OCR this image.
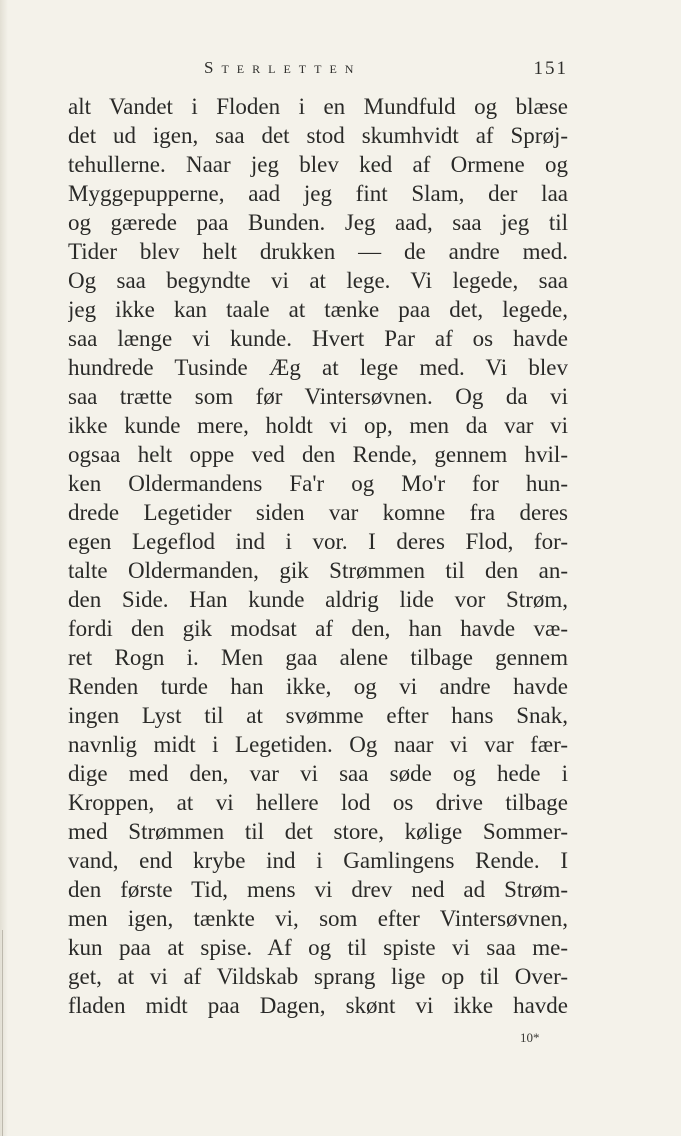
Sterletten	151
alt Vandet i Floden i en Mundfuld og blæse
det ud igen, saa det stod skumhvidt af Sprøj-
tehullerne. Naar jeg blev ked af Ormene og
Myggepupperne, aad jeg fint Slam, der laa
og gærede paa Bunden. Jeg aad, saa jeg til
Tider blev helt drukken — de andre med.
Og saa begyndte vi at lege. Vi legede, saa
jeg ikke kan taale at tænke paa det, legede,
saa længe vi kunde. Hvert Par af os havde
hundrede Tusinde Æg at lege med. Vi blev
saa trætte som før Vintersøvnen. Og da vi
ikke kunde mere, holdt vi op, men da var vi
ogsaa helt oppe ved den Rende, gennem hvil-
ken Oldermandens Fa'r og Mo'r for hun-
drede Legetider siden var komne fra deres
egen Legeflod ind i vor. I deres Flod, for-
talte Oldermanden, gik Strømmen til den an-
den Side. Han kunde aldrig lide vor Strøm,
fordi den gik modsat af den, han havde væ-
ret Rogn i. Men gaa alene tilbage gennem
Renden turde han ikke, og vi andre havde
ingen Lyst til at svømme efter hans Snak,
navnlig midt i Legetiden. Og naar vi var fær-
dige med den, var vi saa søde og hede i
Kroppen, at vi hellere lod os drive tilbage
med Strømmen til det store, kølige Sommer-
vand, end krybe ind i Gamlingens Rende. I
den første Tid, mens vi drev ned ad Strøm-
men igen, tænkte vi, som efter Vintersøvnen,
kun paa at spise. Af og til spiste vi saa me-
get, at vi af Vildskab sprang lige op til Over-
fladen midt paa Dagen, skønt vi ikke havde
10*
